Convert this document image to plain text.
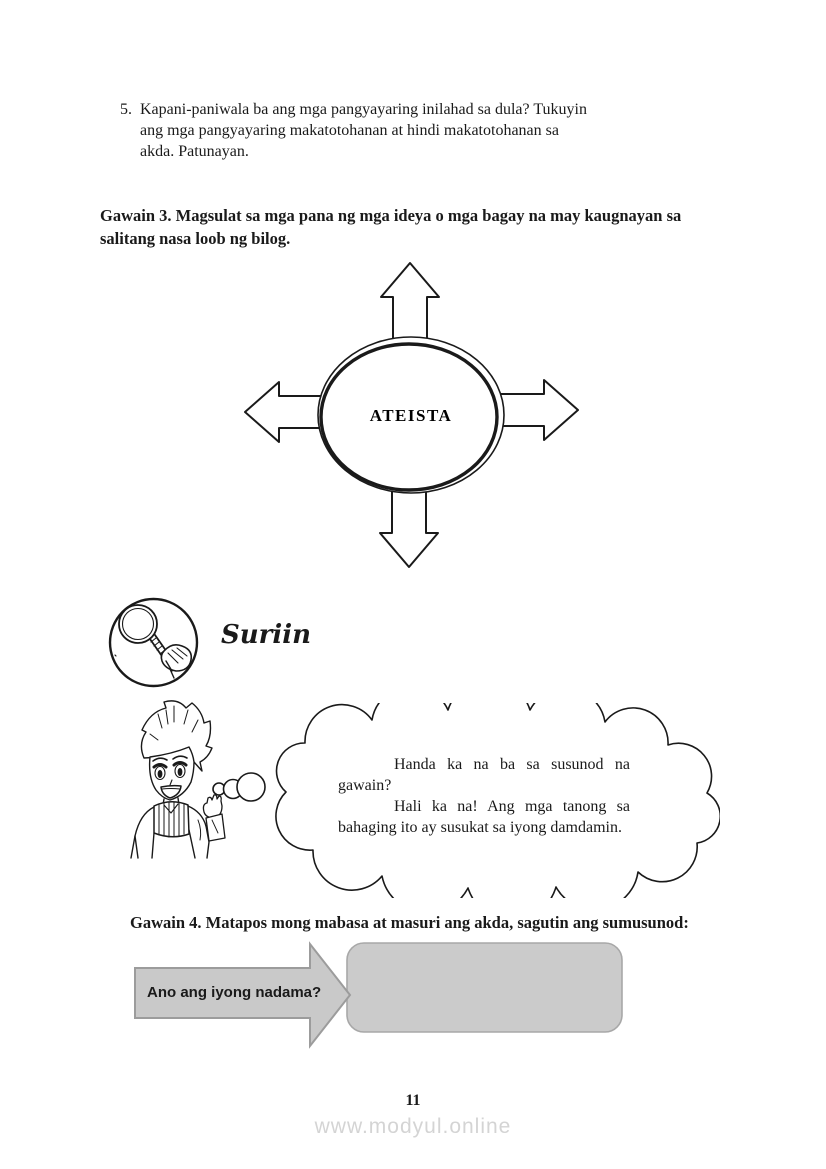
5. Kapani-paniwala ba ang mga pangyayaring inilahad sa dula? Tukuyin
ang mga pangyayaring makatotohanan at hindi makatotohanan sa
akda. Patunayan.
Gawain 3. Magsulat sa mga pana ng mga ideya o mga bagay na may kaugnayan sa
salitang nasa loob ng bilog.
ATEISTA
Suriin

Handa ka na ba sa susunod na gawain?

Hali ka na! Ang mga tanong sa bahaging ito ay susukat sa iyong damdamin.

Gawain 4. Matapos mong mabasa at masuri ang akda, sagutin ang sumusunod:
Ano ang iyong nadama?
11
www.modyul.online
